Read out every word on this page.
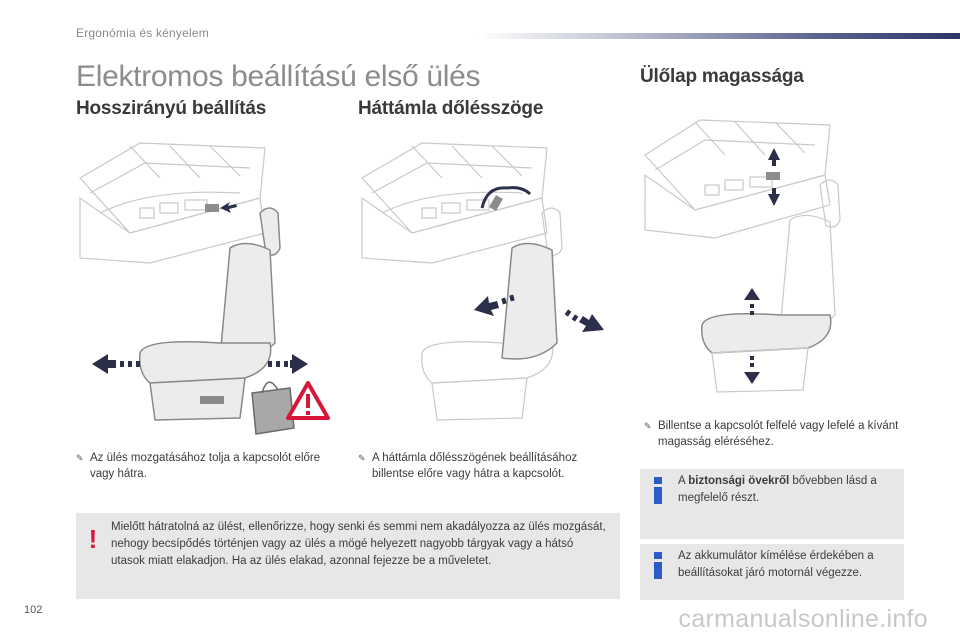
Ergonómia és kényelem
Elektromos beállítású első ülés
Hosszirányú beállítás	Háttámla dőlésszöge
Ülőlap magassága
✎ Az ülés mozgatásához tolja a kapcsolót előre vagy hátra.
✎ A háttámla dőlésszögének beállításához billentse előre vagy hátra a kapcsolót.
✎ Billentse a kapcsolót felfelé vagy lefelé a kívánt magasság eléréséhez.
! Mielőtt hátratolná az ülést, ellenőrizze, hogy senki és semmi nem akadályozza az ülés mozgását, nehogy becsípődés történjen vagy az ülés a mögé helyezett nagyobb tárgyak vagy a hátsó utasok miatt elakadjon. Ha az ülés elakad, azonnal fejezze be a műveletet.
A biztonsági övekről bővebben lásd a megfelelő részt.
Az akkumulátor kímélése érdekében a beállításokat járó motornál végezze.
102	carmanualsonline.info
